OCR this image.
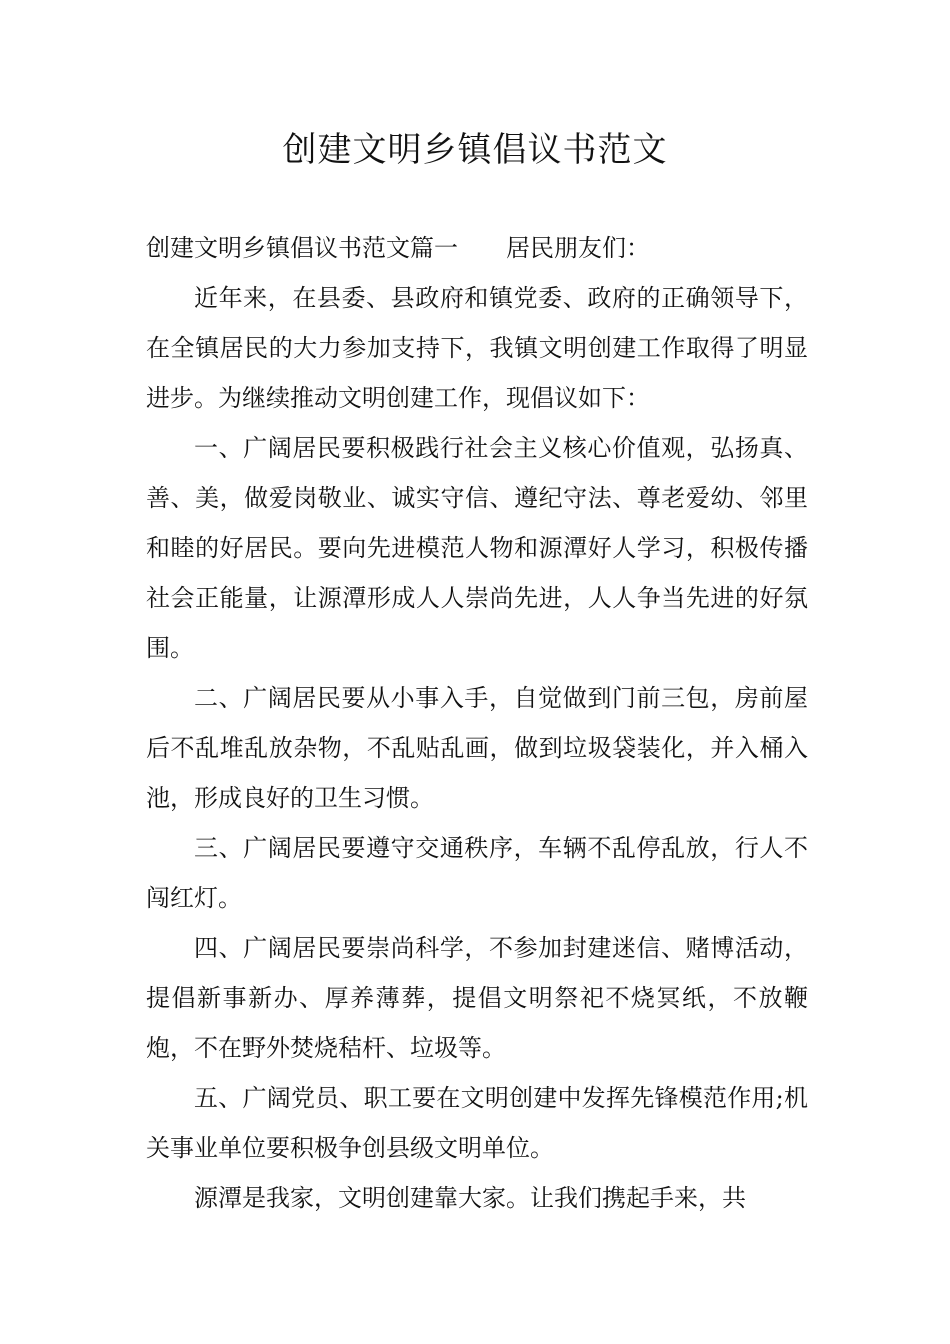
创建文明乡镇倡议书范文

创建文明乡镇倡议书范文篇一 居民朋友们：

近年来，在县委、县政府和镇党委、政府的正确领导下，在全镇居民的大力参加支持下，我镇文明创建工作取得了明显进步。为继续推动文明创建工作，现倡议如下：

一、广阔居民要积极践行社会主义核心价值观，弘扬真、善、美，做爱岗敬业、诚实守信、遵纪守法、尊老爱幼、邻里和睦的好居民。要向先进模范人物和源潭好人学习，积极传播社会正能量，让源潭形成人人崇尚先进，人人争当先进的好氛围。

二、广阔居民要从小事入手，自觉做到门前三包，房前屋后不乱堆乱放杂物，不乱贴乱画，做到垃圾袋装化，并入桶入池，形成良好的卫生习惯。

三、广阔居民要遵守交通秩序，车辆不乱停乱放，行人不闯红灯。

四、广阔居民要崇尚科学，不参加封建迷信、赌博活动，提倡新事新办、厚养薄葬，提倡文明祭祀不烧冥纸，不放鞭炮，不在野外焚烧秸杆、垃圾等。

五、广阔党员、职工要在文明创建中发挥先锋模范作用;机关事业单位要积极争创县级文明单位。

源潭是我家，文明创建靠大家。让我们携起手来，共
